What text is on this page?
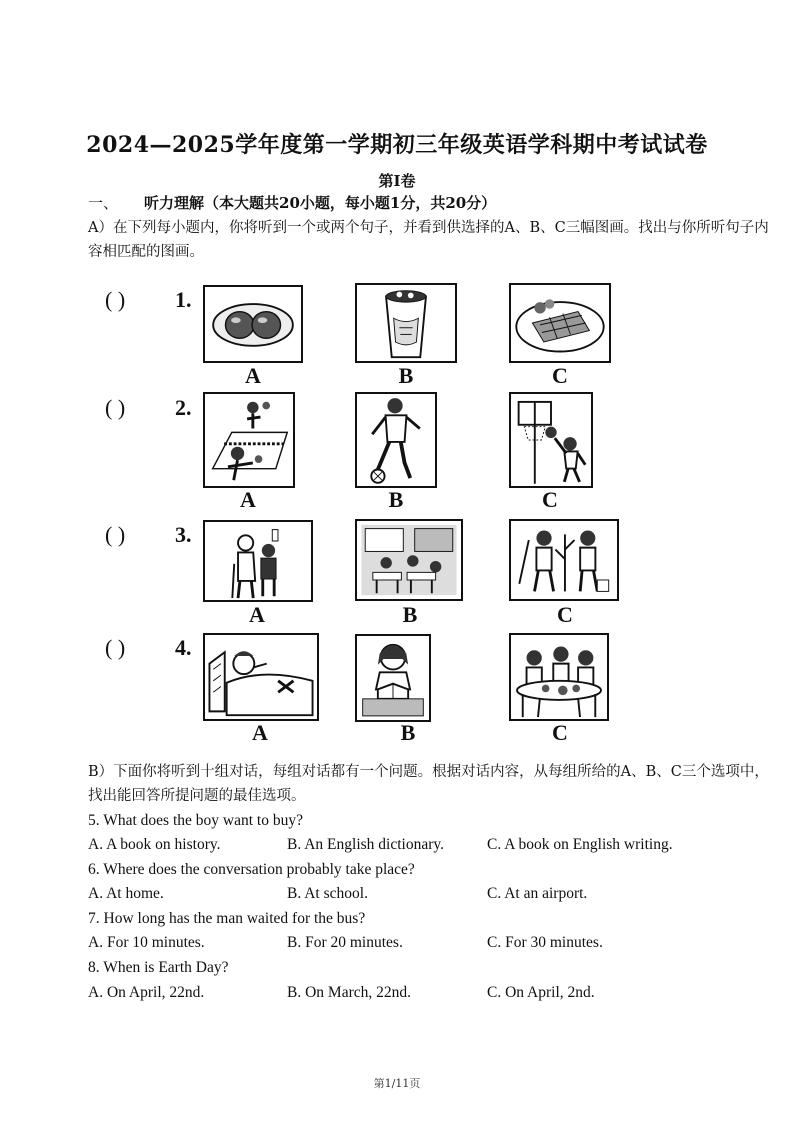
2024—2025学年度第一学期初三年级英语学科期中考试试卷
第I卷
一、 听力理解（本大题共20小题，每小题1分，共20分）
A）在下列每小题内，你将听到一个或两个句子，并看到供选择的A、B、C三幅图画。找出与你所听句子内容相匹配的图画。
( ) 1.
A	B	C
( ) 2.
A	B	C
( ) 3.
A	B	C
( ) 4.
A	B	C
B）下面你将听到十组对话，每组对话都有一个问题。根据对话内容，从每组所给的A、B、C三个选项中，找出能回答所提问题的最佳选项。
5. What does the boy want to buy?
A. A book on history.	B. An English dictionary.	C. A book on English writing.
6. Where does the conversation probably take place?
A. At home.	B. At school.	C. At an airport.
7. How long has the man waited for the bus?
A. For 10 minutes.	B. For 20 minutes.	C. For 30 minutes.
8. When is Earth Day?
A. On April, 22nd.	B. On March, 22nd.	C. On April, 2nd.
第1/11页
